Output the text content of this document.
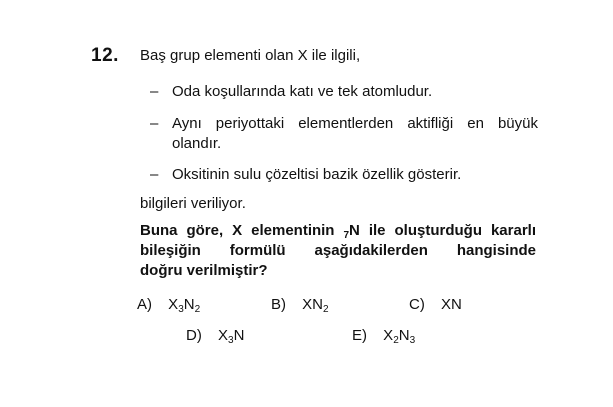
12. Baş grup elementi olan X ile ilgili,
– Oda koşullarında katı ve tek atomludur.
– Aynı periyottaki elementlerden aktifliği en büyük
olandır.
– Oksitinin sulu çözeltisi bazik özellik gösterir.
bilgileri veriliyor.
Buna göre, X elementinin $_7$N ile oluşturduğu kararlı
bileşiğin formülü aşağıdakilerden hangisinde
doğru verilmiştir?
A) $X_3N_2$	B) $XN_2$	C) XN
D) $X_3N$	E) $X_2N_3$
